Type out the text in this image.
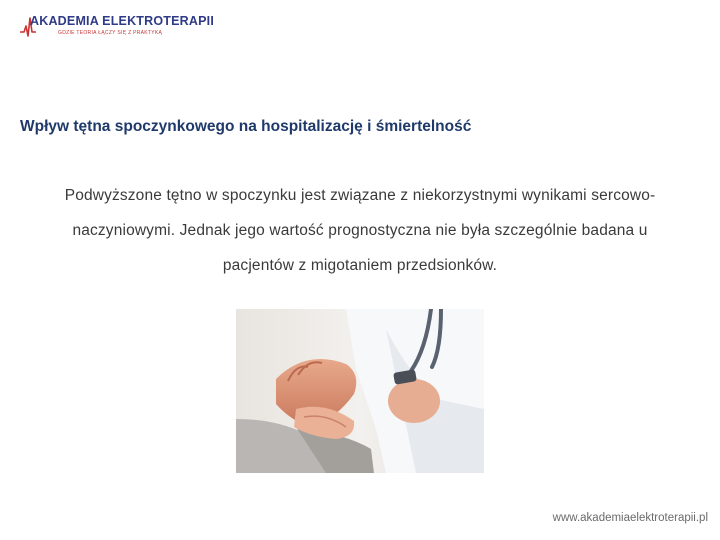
AKADEMIA ELEKTROTERAPII
GDZIE TEORIA ŁĄCZY SIĘ Z PRAKTYKĄ
Wpływ tętna spoczynkowego na hospitalizację i śmiertelność
Podwyższone tętno w spoczynku jest związane z niekorzystnymi wynikami sercowo-naczyniowymi. Jednak jego wartość prognostyczna nie była szczególnie badana u pacjentów z migotaniem przedsionków.
www.akademiaelektroterapii.pl
